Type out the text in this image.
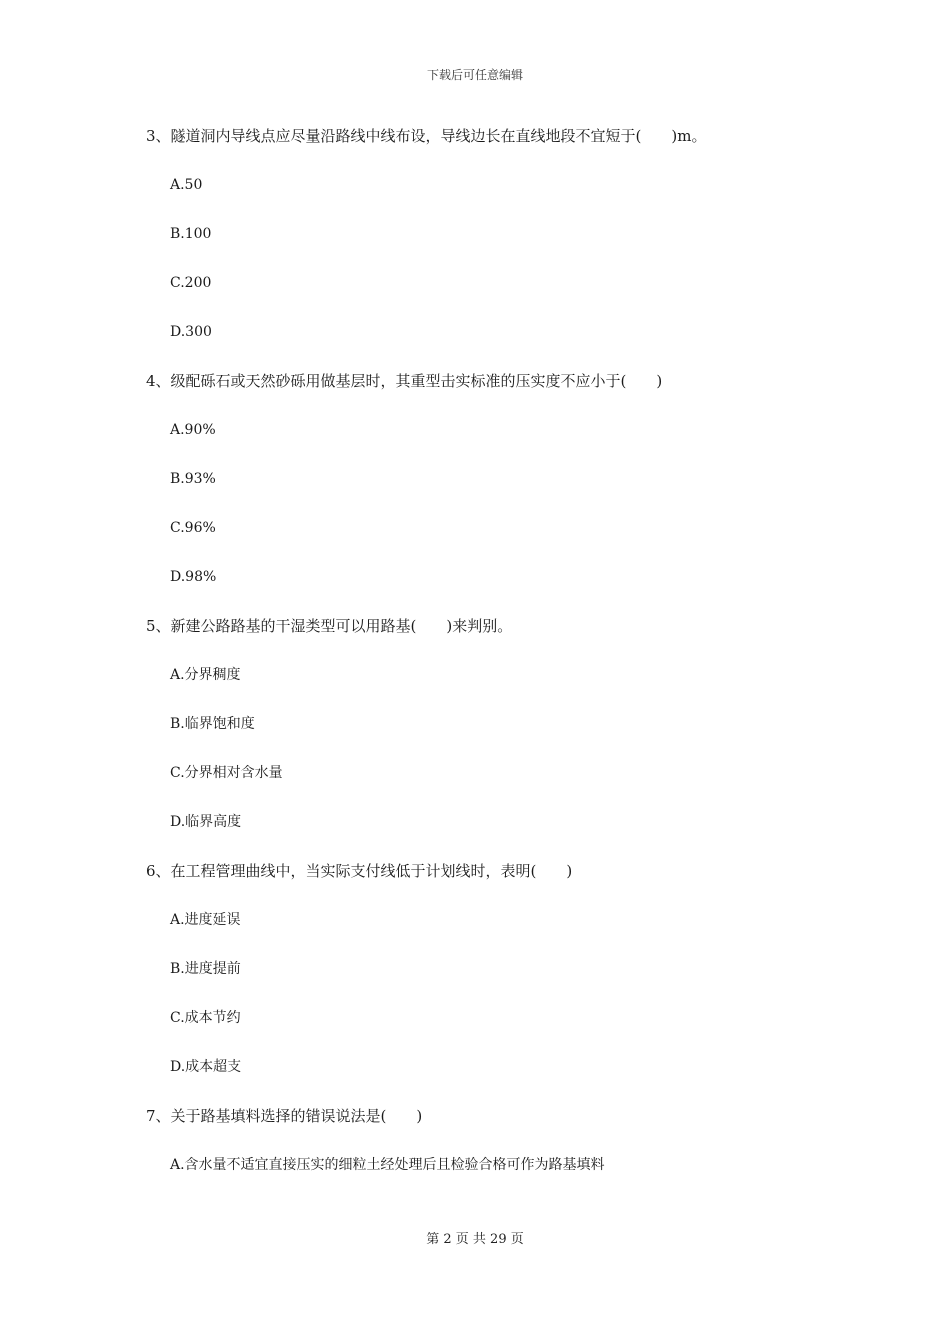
下载后可任意编辑
3、隧道洞内导线点应尽量沿路线中线布设，导线边长在直线地段不宜短于(　　)m。
A.50
B.100
C.200
D.300
4、级配砾石或天然砂砾用做基层时，其重型击实标准的压实度不应小于(　　)
A.90%
B.93%
C.96%
D.98%
5、新建公路路基的干湿类型可以用路基(　　)来判别。
A.分界稠度
B.临界饱和度
C.分界相对含水量
D.临界高度
6、在工程管理曲线中，当实际支付线低于计划线时，表明(　　)
A.进度延误
B.进度提前
C.成本节约
D.成本超支
7、关于路基填料选择的错误说法是(　　)
A.含水量不适宜直接压实的细粒土经处理后且检验合格可作为路基填料
第 2 页 共 29 页
